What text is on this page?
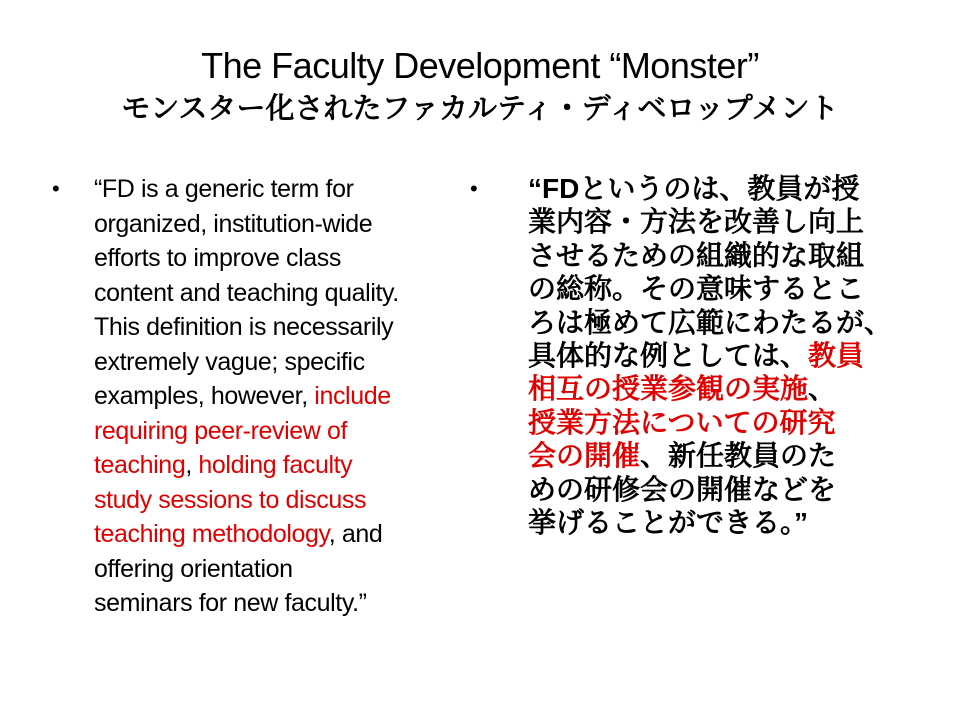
The Faculty Development “Monster”
モンスター化されたファカルティ・ディベロップメント
•	“FD is a generic term for
organized, institution-wide
efforts to improve class
content and teaching quality.
This definition is necessarily
extremely vague; specific
examples, however, include
requiring peer-review of
teaching, holding faculty
study sessions to discuss
teaching methodology, and
offering orientation
seminars for new faculty.”
•	“FDというのは、教員が授
業内容・方法を改善し向上
させるための組織的な取組
の総称。その意味するとこ
ろは極めて広範にわたるが、
具体的な例としては、教員
相互の授業参観の実施、
授業方法についての研究
会の開催、新任教員のた
めの研修会の開催などを
挙げることができる。”
